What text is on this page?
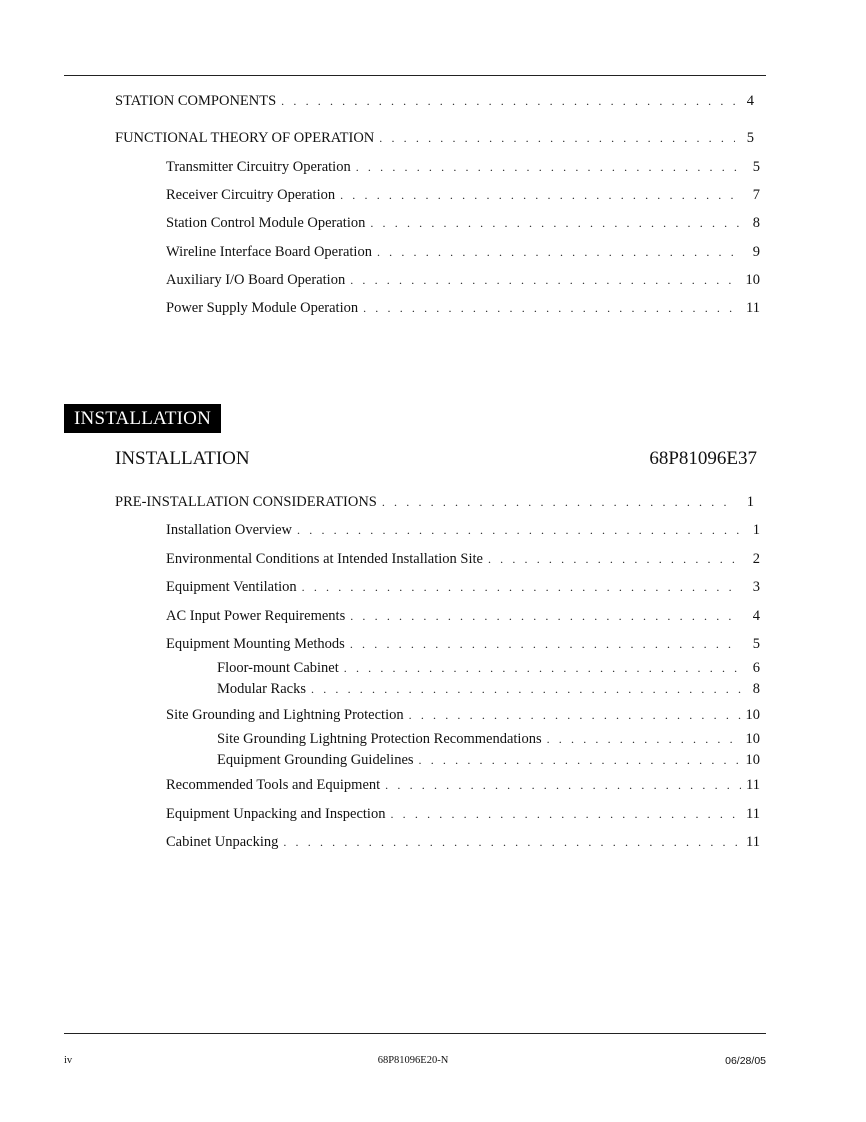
STATION COMPONENTS . . .	4
FUNCTIONAL THEORY OF OPERATION . . .	5
Transmitter Circuitry Operation . . .	5
Receiver Circuitry Operation . . .	7
Station Control Module Operation . . .	8
Wireline Interface Board Operation . . .	9
Auxiliary I/O Board Operation . . .	10
Power Supply Module Operation . . .	11
INSTALLATION
INSTALLATION	68P81096E37
PRE-INSTALLATION CONSIDERATIONS . . .	1
Installation Overview . . .	1
Environmental Conditions at Intended Installation Site . . .	2
Equipment Ventilation . . .	3
AC Input Power Requirements . . .	4
Equipment Mounting Methods . . .	5
Floor-mount Cabinet . . .	6
Modular Racks . . .	8
Site Grounding and Lightning Protection . . .	10
Site Grounding Lightning Protection Recommendations . . .	10
Equipment Grounding Guidelines . . .	10
Recommended Tools and Equipment . . .	11
Equipment Unpacking and Inspection . . .	11
Cabinet Unpacking . . .	11
iv	68P81096E20-N	06/28/05
